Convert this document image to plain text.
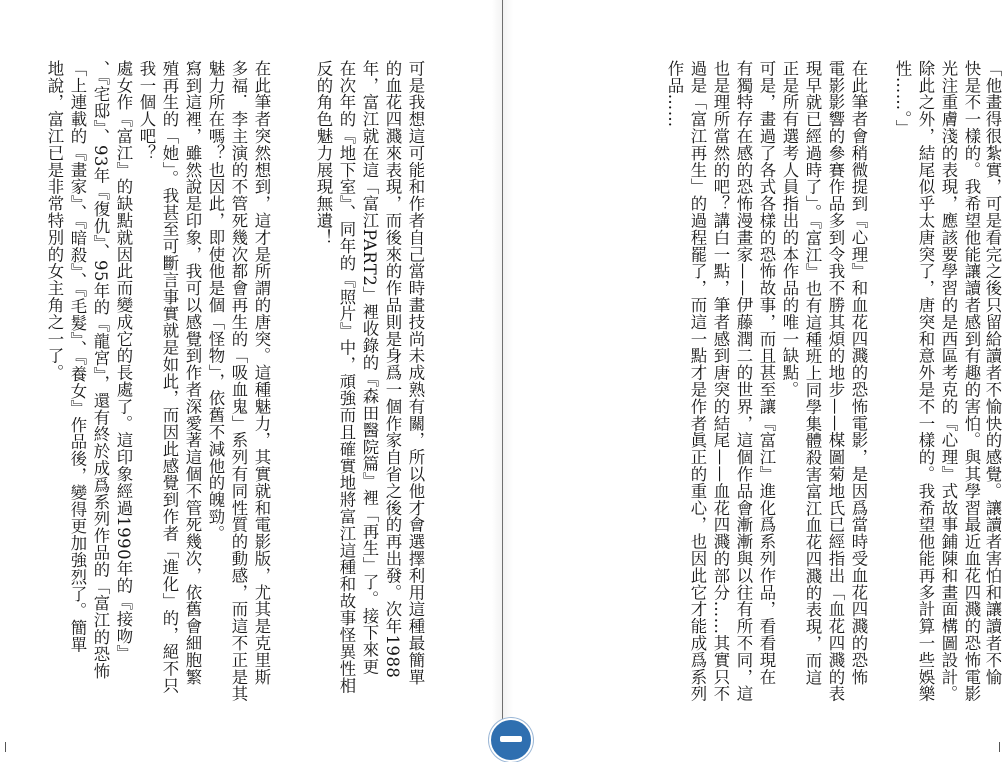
地說，富江已是非常特別的女主角之一了。 「上連載的『畫家』、『暗殺』、『毛髮』、『養女』作品後，變得更加強烈了。簡單 、『宅邸』、93年『復仇』、95年的『龍宮』，還有終於成爲系列作品的「富江的恐怖 處女作『富江』的缺點就因此而變成它的長處了。這印象經過1990年的『接吻』 我一個人吧？ 殖再生的「她」。我甚至可斷言事實就是如此，而因此感覺到作者「進化」的，絕不只 寫到這裡，雖然說是印象，我可以感覺到作者深愛著這個不管死幾次，依舊會細胞繁 魅力所在嗎？也因此，即使他是個「怪物」，依舊不減他的魄勁。 多福．李主演的不管死幾次都會再生的「吸血鬼」系列有同性質的動感，而這不正是其 在此筆者突然想到，這才是所謂的唐突。這種魅力，其實就和電影版，尤其是克里斯	反的角色魅力展現無遺！ 在次年的『地下室』、同年的『照片』中，頑強而且確實地將富江這種和故事怪異性相 年，富江就在這「富江PART2」裡收錄的『森田醫院篇』裡「再生」了。接下來更 的血花四濺來表現，而後來的作品則是身爲一個作家自省之後的再出發。次年1988 可是我想這可能和作者自己當時畫技尚未成熟有關，所以他才會選擇利用這種最簡單	作品…… 過是「富江再生」的過程罷了，而這一點才是作者眞正的重心，也因此它才能成爲系列 也是理所當然的吧？講白一點，筆者感到唐突的結尾——血花四濺的部分……其實只不 有獨特存在感的恐怖漫畫家——伊藤潤二的世界，這個作品會漸漸與以往有所不同，這 可是，畫過了各式各樣的恐怖故事，而且甚至讓『富江』進化爲系列作品，看看現在 正是所有選考人員指出的本作品的唯一缺點。 現早就已經過時了」。『富江』也有這種班上同學集體殺害富江血花四濺的表現，而這 電影影響的參賽作品多到令我不勝其煩的地步——楳圖菊地氏已經指出「血花四濺的表 在此筆者會稍微提到『心理』和血花四濺的恐怖電影，是因爲當時受血花四濺的恐怖 性……。」 除此之外，結尾似乎太唐突了，唐突和意外是不一樣的。我希望他能再多計算一些娛樂 光注重膚淺的表現，應該要學習的是西區考克的『心理』式故事鋪陳和畫面構圖設計。 快是不一樣的。我希望他能讓讀者感到有趣的害怕。與其學習最近血花四濺的恐怖電影 「他畫得很紮實，可是看完之後只留給讀者不愉快的感覺。讓讀者害怕和讓讀者不愉
